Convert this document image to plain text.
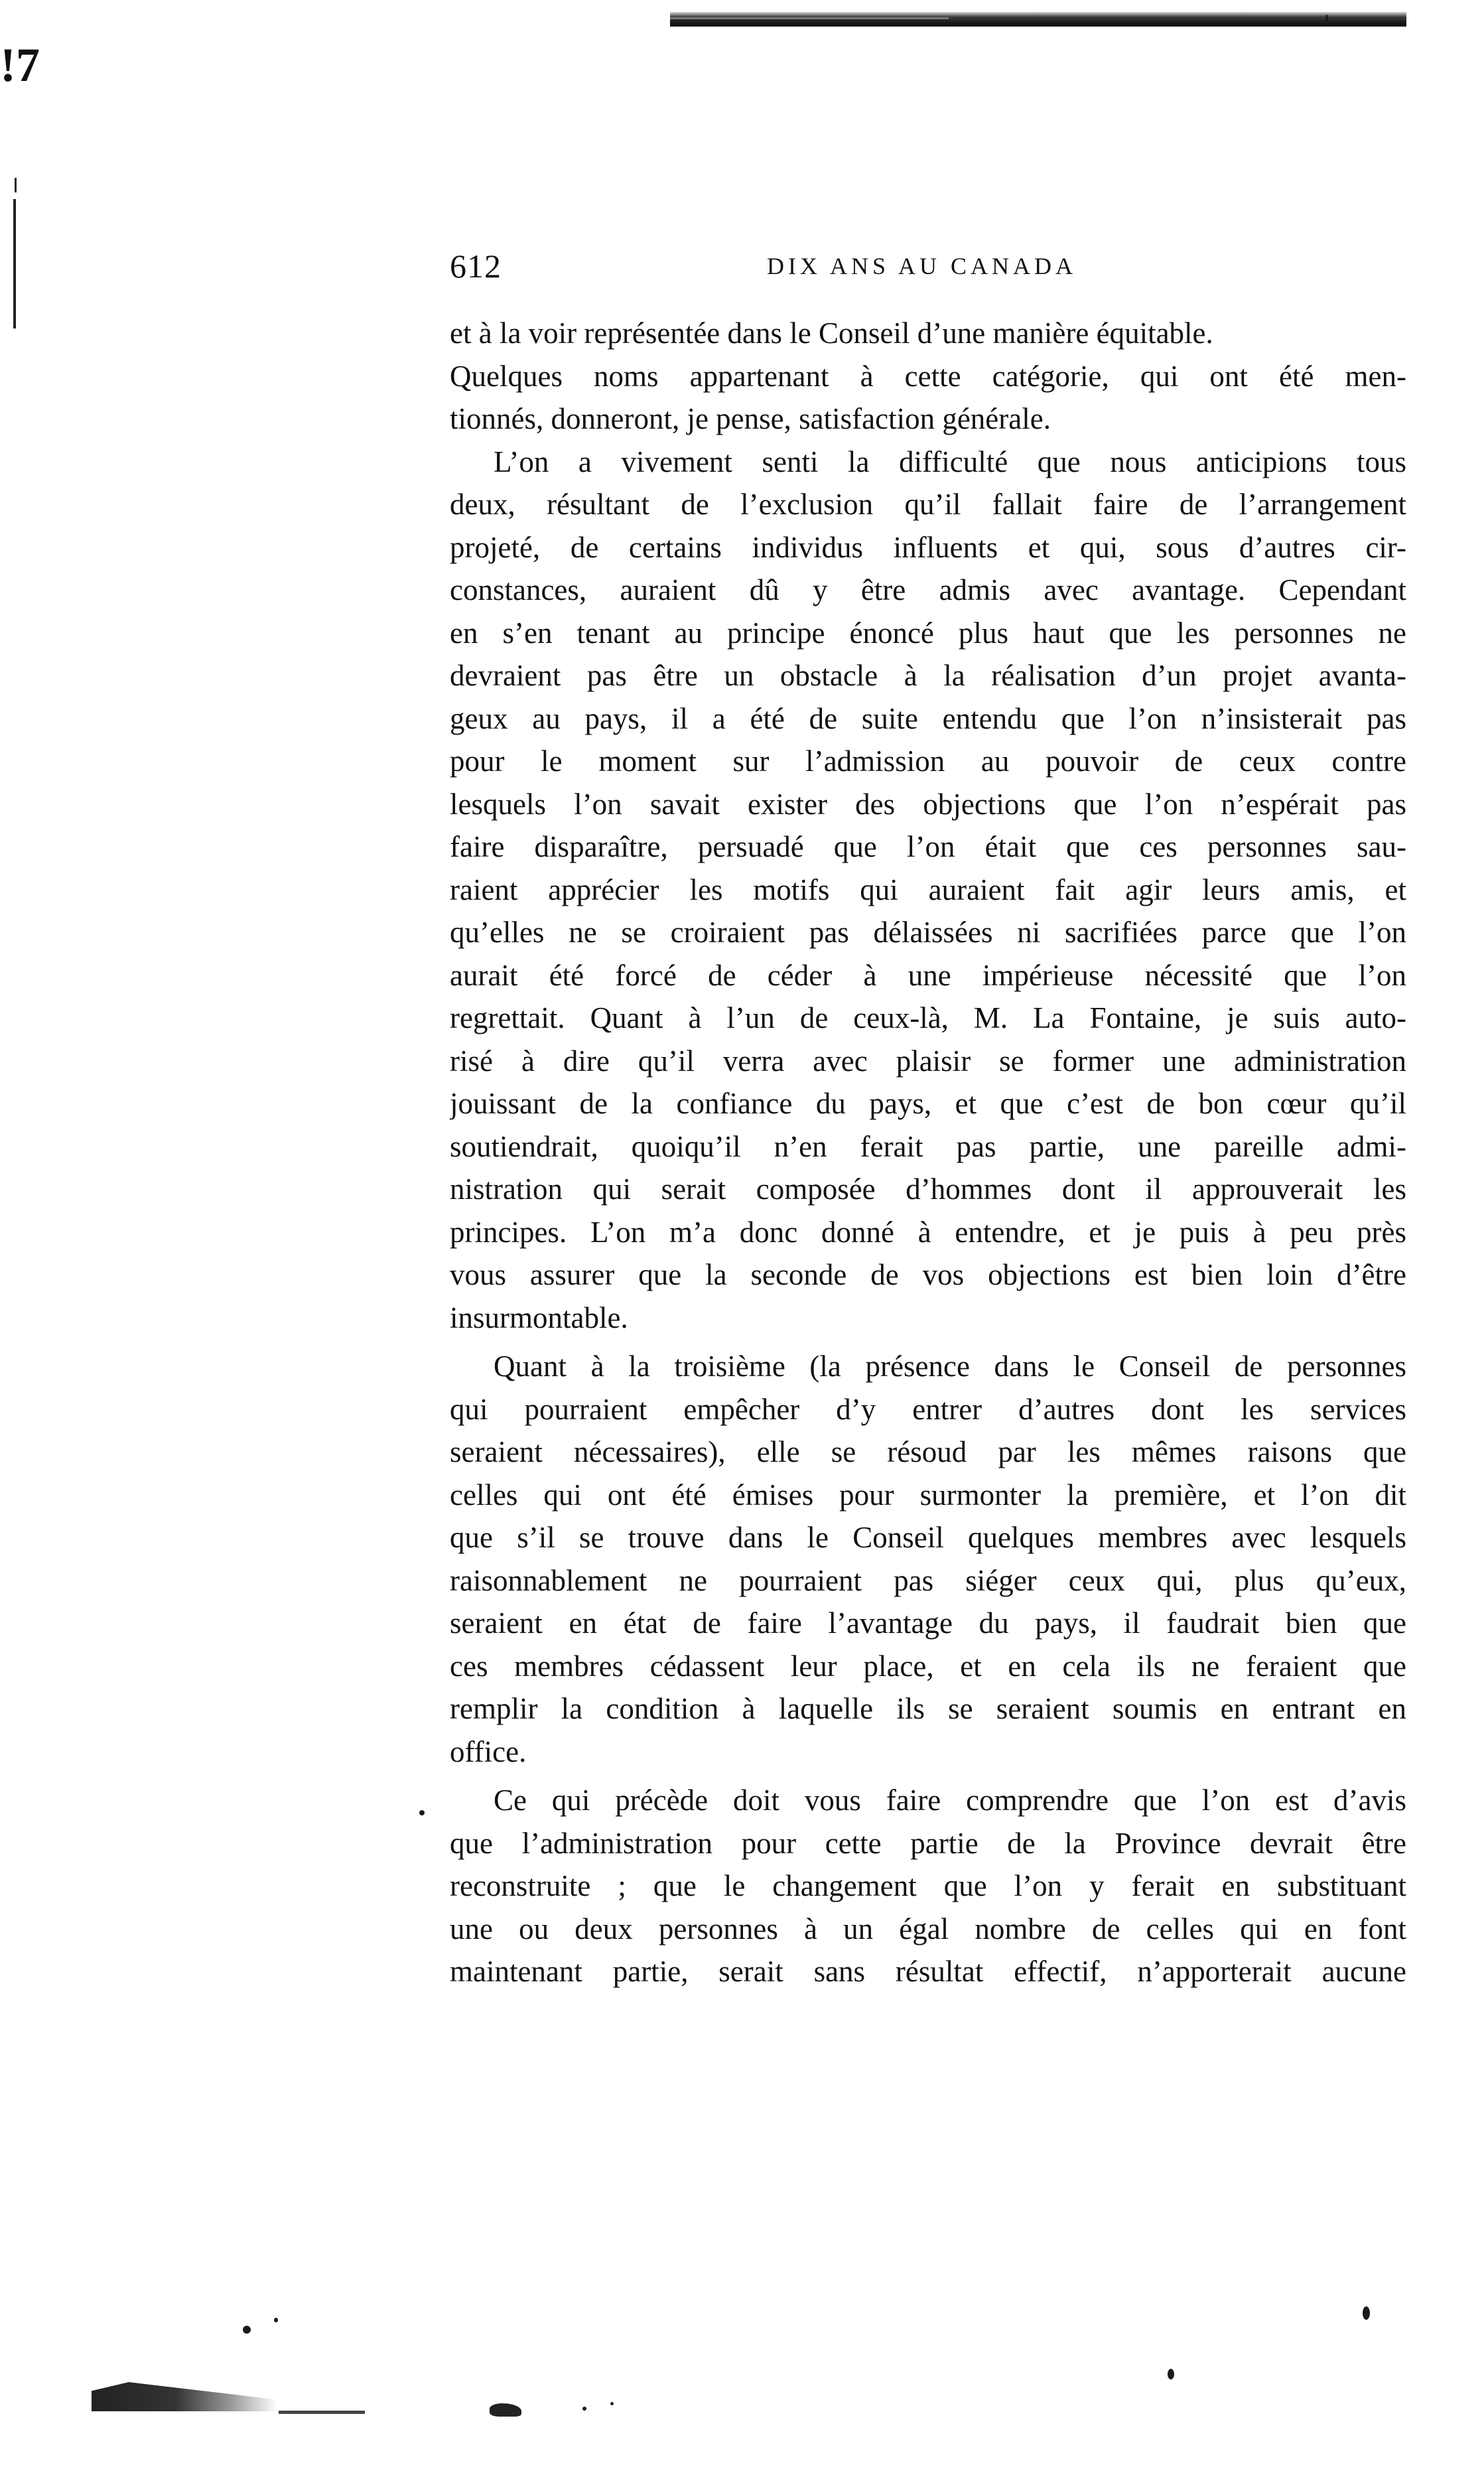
!7
612	DIX ANS AU CANADA
et à la voir représentée dans le Conseil d’une manière équitable.
Quelques noms appartenant à cette catégorie, qui ont été men-
tionnés, donneront, je pense, satisfaction générale.
L’on a vivement senti la difficulté que nous anticipions tous
deux, résultant de l’exclusion qu’il fallait faire de l’arrangement
projeté, de certains individus influents et qui, sous d’autres cir-
constances, auraient dû y être admis avec avantage. Cependant
en s’en tenant au principe énoncé plus haut que les personnes ne
devraient pas être un obstacle à la réalisation d’un projet avanta-
geux au pays, il a été de suite entendu que l’on n’insisterait pas
pour le moment sur l’admission au pouvoir de ceux contre
lesquels l’on savait exister des objections que l’on n’espérait pas
faire disparaître, persuadé que l’on était que ces personnes sau-
raient apprécier les motifs qui auraient fait agir leurs amis, et
qu’elles ne se croiraient pas délaissées ni sacrifiées parce que l’on
aurait été forcé de céder à une impérieuse nécessité que l’on
regrettait. Quant à l’un de ceux-là, M. La Fontaine, je suis auto-
risé à dire qu’il verra avec plaisir se former une administration
jouissant de la confiance du pays, et que c’est de bon cœur qu’il
soutiendrait, quoiqu’il n’en ferait pas partie, une pareille admi-
nistration qui serait composée d’hommes dont il approuverait les
principes. L’on m’a donc donné à entendre, et je puis à peu près
vous assurer que la seconde de vos objections est bien loin d’être
insurmontable.
Quant à la troisième (la présence dans le Conseil de personnes
qui pourraient empêcher d’y entrer d’autres dont les services
seraient nécessaires), elle se résoud par les mêmes raisons que
celles qui ont été émises pour surmonter la première, et l’on dit
que s’il se trouve dans le Conseil quelques membres avec lesquels
raisonnablement ne pourraient pas siéger ceux qui, plus qu’eux,
seraient en état de faire l’avantage du pays, il faudrait bien que
ces membres cédassent leur place, et en cela ils ne feraient que
remplir la condition à laquelle ils se seraient soumis en entrant en
office.
Ce qui précède doit vous faire comprendre que l’on est d’avis
que l’administration pour cette partie de la Province devrait être
reconstruite ; que le changement que l’on y ferait en substituant
une ou deux personnes à un égal nombre de celles qui en font
maintenant partie, serait sans résultat effectif, n’apporterait aucune
